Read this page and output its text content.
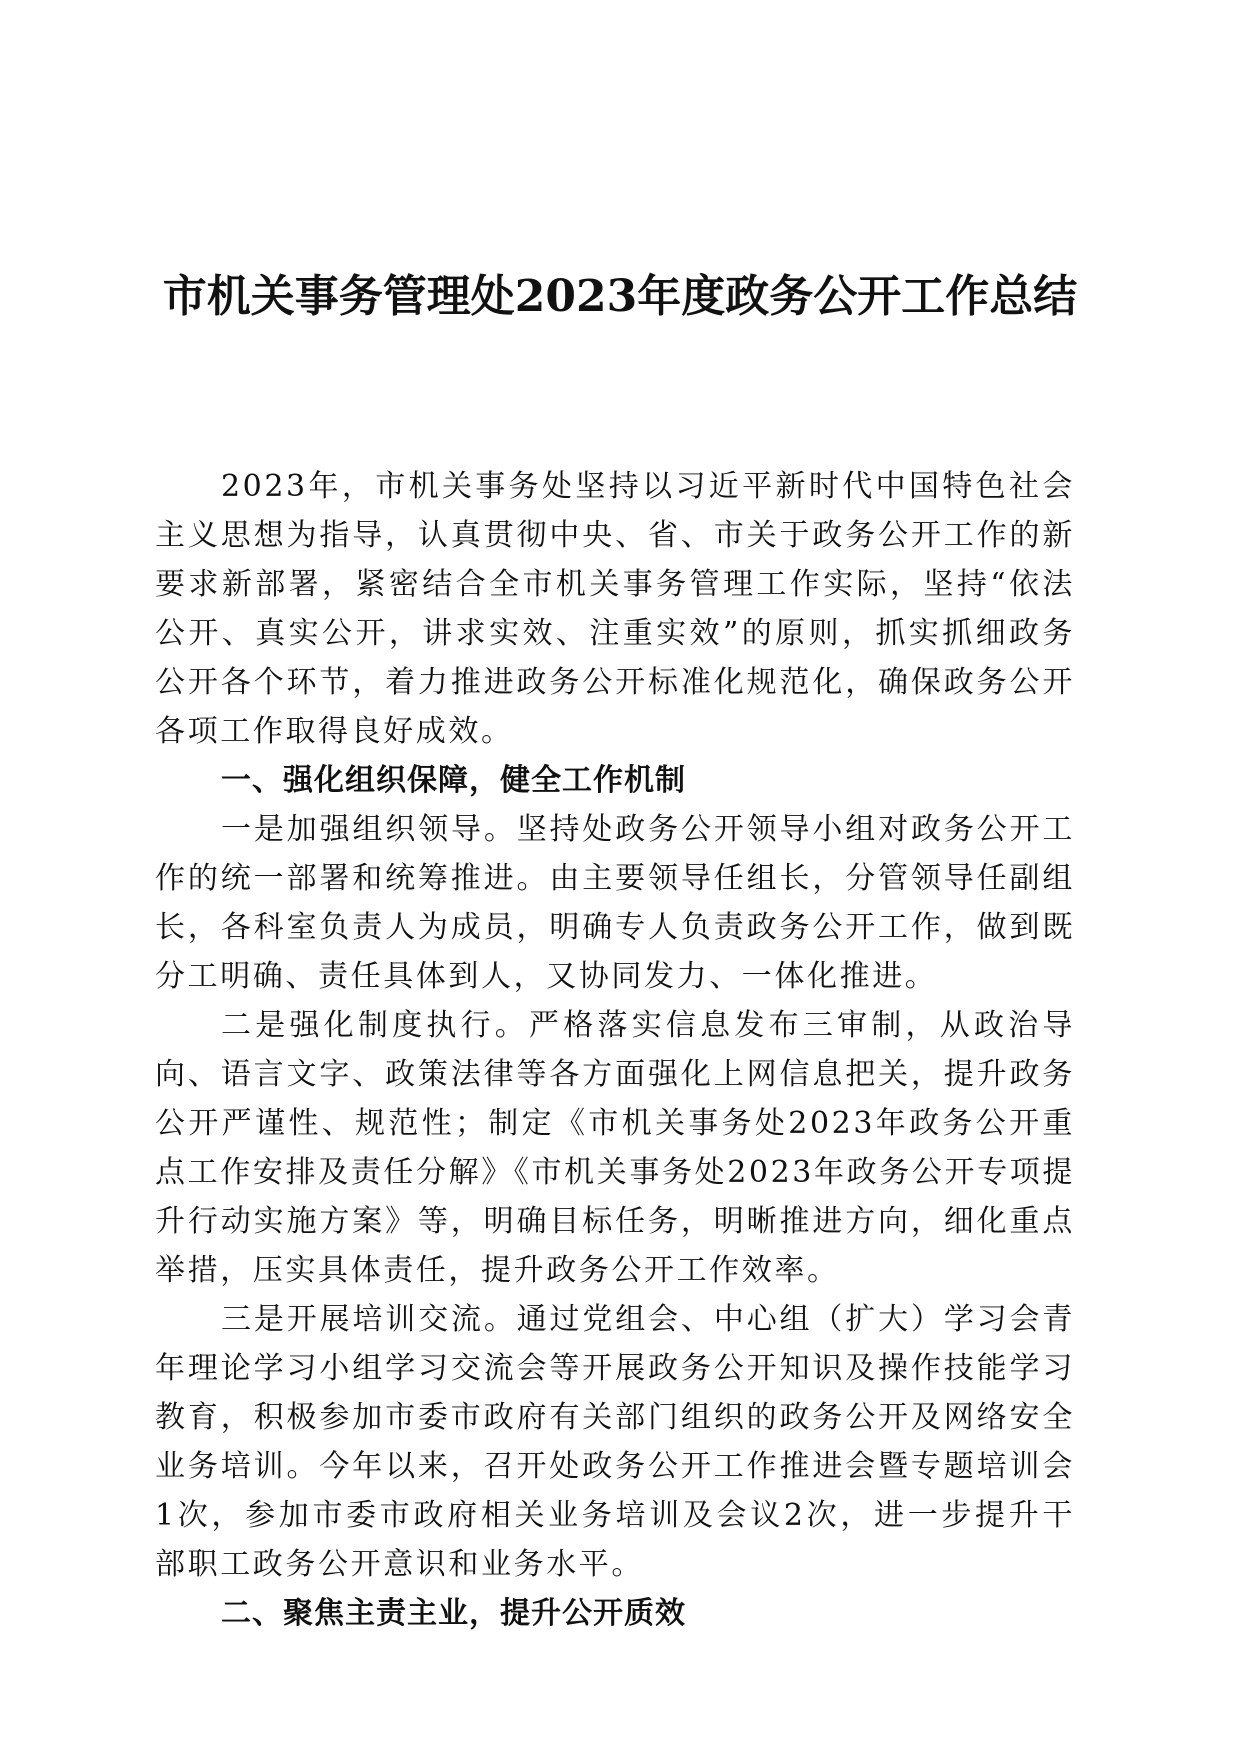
市机关事务管理处2023年度政务公开工作总结

2023年，市机关事务处坚持以习近平新时代中国特色社会主义思想为指导，认真贯彻中央、省、市关于政务公开工作的新要求新部署，紧密结合全市机关事务管理工作实际，坚持“依法公开、真实公开，讲求实效、注重实效”的原则，抓实抓细政务公开各个环节，着力推进政务公开标准化规范化，确保政务公开各项工作取得良好成效。

一、强化组织保障，健全工作机制

一是加强组织领导。坚持处政务公开领导小组对政务公开工作的统一部署和统筹推进。由主要领导任组长，分管领导任副组长，各科室负责人为成员，明确专人负责政务公开工作，做到既分工明确、责任具体到人，又协同发力、一体化推进。

二是强化制度执行。严格落实信息发布三审制，从政治导向、语言文字、政策法律等各方面强化上网信息把关，提升政务公开严谨性、规范性；制定《市机关事务处2023年政务公开重点工作安排及责任分解》《市机关事务处2023年政务公开专项提升行动实施方案》等，明确目标任务，明晰推进方向，细化重点举措，压实具体责任，提升政务公开工作效率。

三是开展培训交流。通过党组会、中心组（扩大）学习会青年理论学习小组学习交流会等开展政务公开知识及操作技能学习教育，积极参加市委市政府有关部门组织的政务公开及网络安全业务培训。今年以来，召开处政务公开工作推进会暨专题培训会1次，参加市委市政府相关业务培训及会议2次，进一步提升干部职工政务公开意识和业务水平。

二、聚焦主责主业，提升公开质效
